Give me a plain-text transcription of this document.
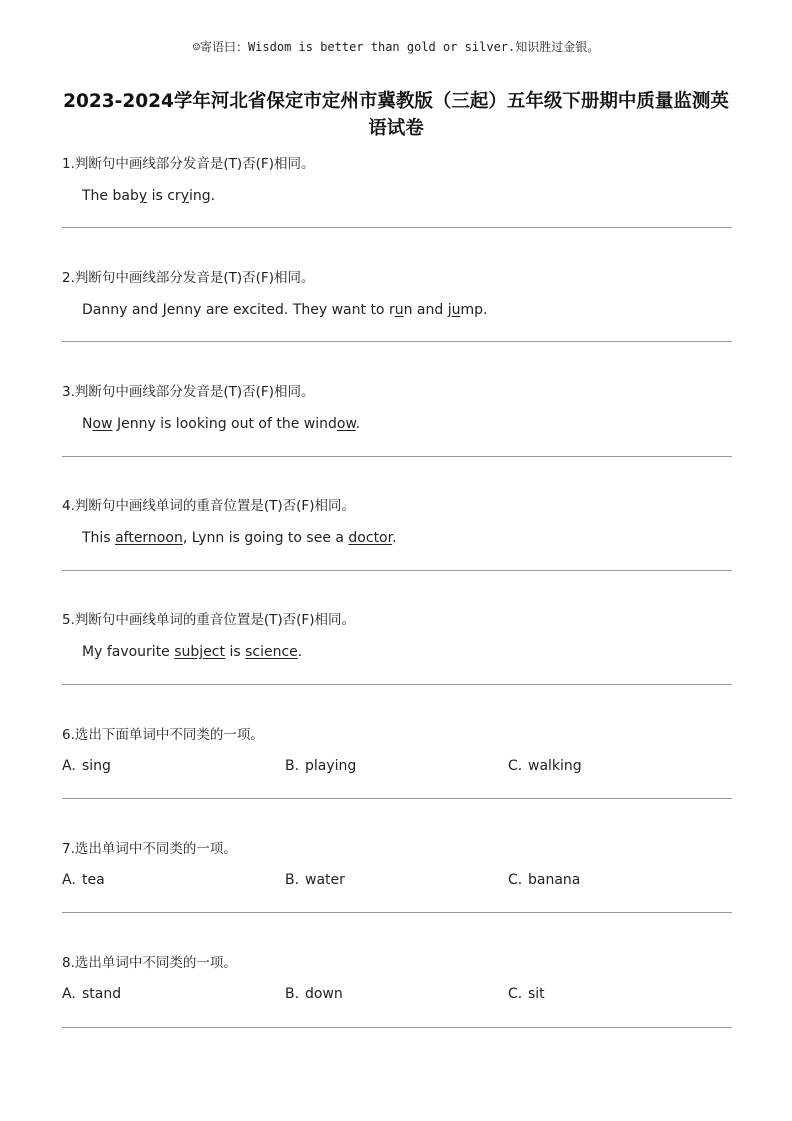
☺寄语曰：Wisdom is better than gold or silver.知识胜过金银。
2023-2024学年河北省保定市定州市冀教版（三起）五年级下册期中质量监测英
语试卷
1.判断句中画线部分发音是(T)否(F)相同。
The baby is crying.
2.判断句中画线部分发音是(T)否(F)相同。
Danny and Jenny are excited. They want to run and jump.
3.判断句中画线部分发音是(T)否(F)相同。
Now Jenny is looking out of the window.
4.判断句中画线单词的重音位置是(T)否(F)相同。
This afternoon, Lynn is going to see a doctor.
5.判断句中画线单词的重音位置是(T)否(F)相同。
My favourite subject is science.
6.选出下面单词中不同类的一项。
A. sing	B. playing	C. walking
7.选出单词中不同类的一项。
A. tea	B. water	C. banana
8.选出单词中不同类的一项。
A. stand	B. down	C. sit
